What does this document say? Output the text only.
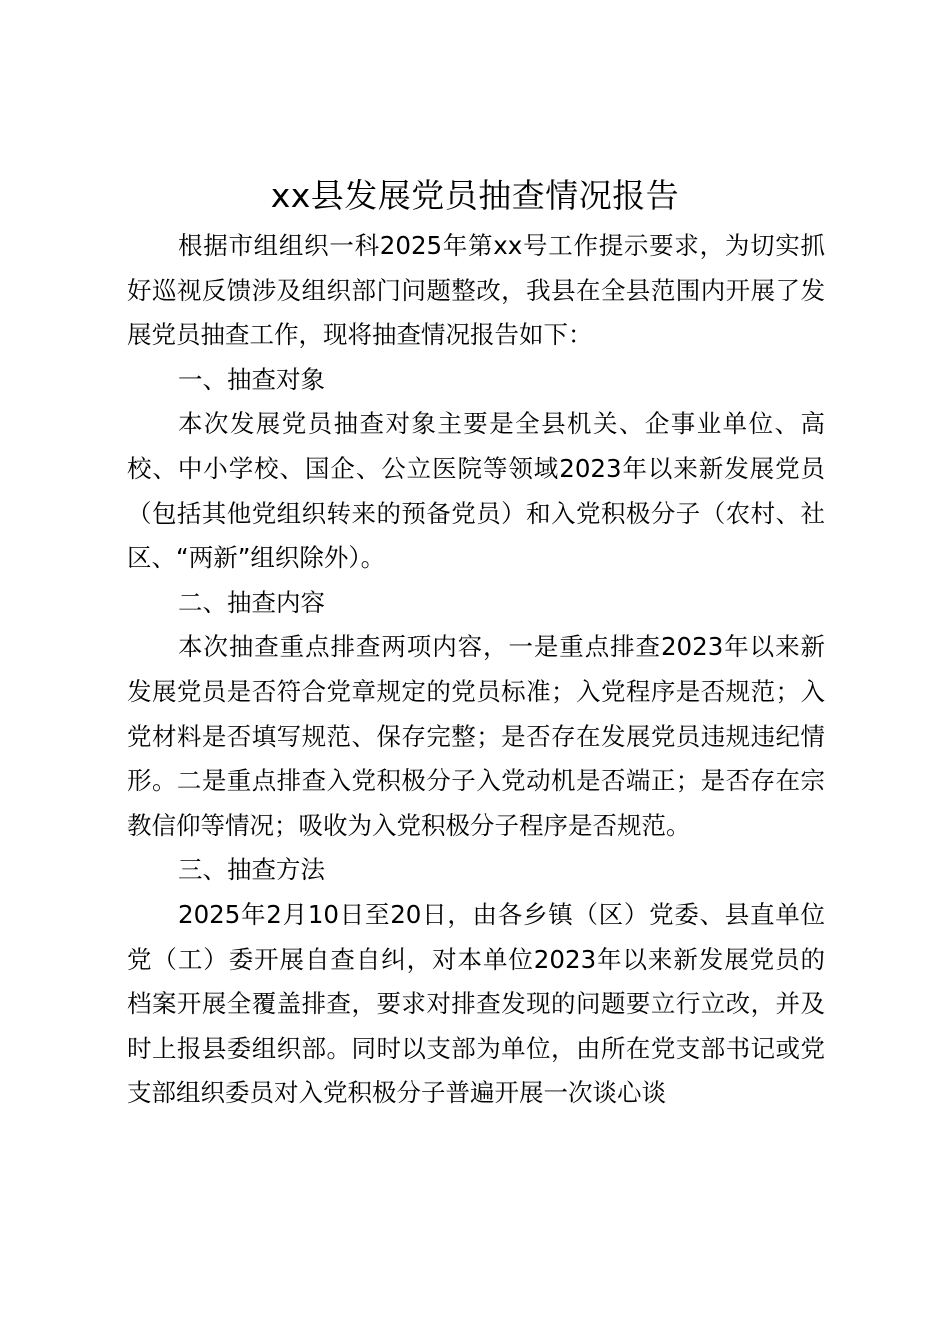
xx县发展党员抽查情况报告

根据市组组织一科2025年第xx号工作提示要求，为切实抓好巡视反馈涉及组织部门问题整改，我县在全县范围内开展了发展党员抽查工作，现将抽查情况报告如下：

一、抽查对象

本次发展党员抽查对象主要是全县机关、企事业单位、高校、中小学校、国企、公立医院等领域2023年以来新发展党员（包括其他党组织转来的预备党员）和入党积极分子（农村、社区、“两新”组织除外）。

二、抽查内容

本次抽查重点排查两项内容，一是重点排查2023年以来新发展党员是否符合党章规定的党员标准；入党程序是否规范；入党材料是否填写规范、保存完整；是否存在发展党员违规违纪情形。二是重点排查入党积极分子入党动机是否端正；是否存在宗教信仰等情况；吸收为入党积极分子程序是否规范。

三、抽查方法

2025年2月10日至20日，由各乡镇（区）党委、县直单位党（工）委开展自查自纠，对本单位2023年以来新发展党员的档案开展全覆盖排查，要求对排查发现的问题要立行立改，并及时上报县委组织部。同时以支部为单位，由所在党支部书记或党支部组织委员对入党积极分子普遍开展一次谈心谈
